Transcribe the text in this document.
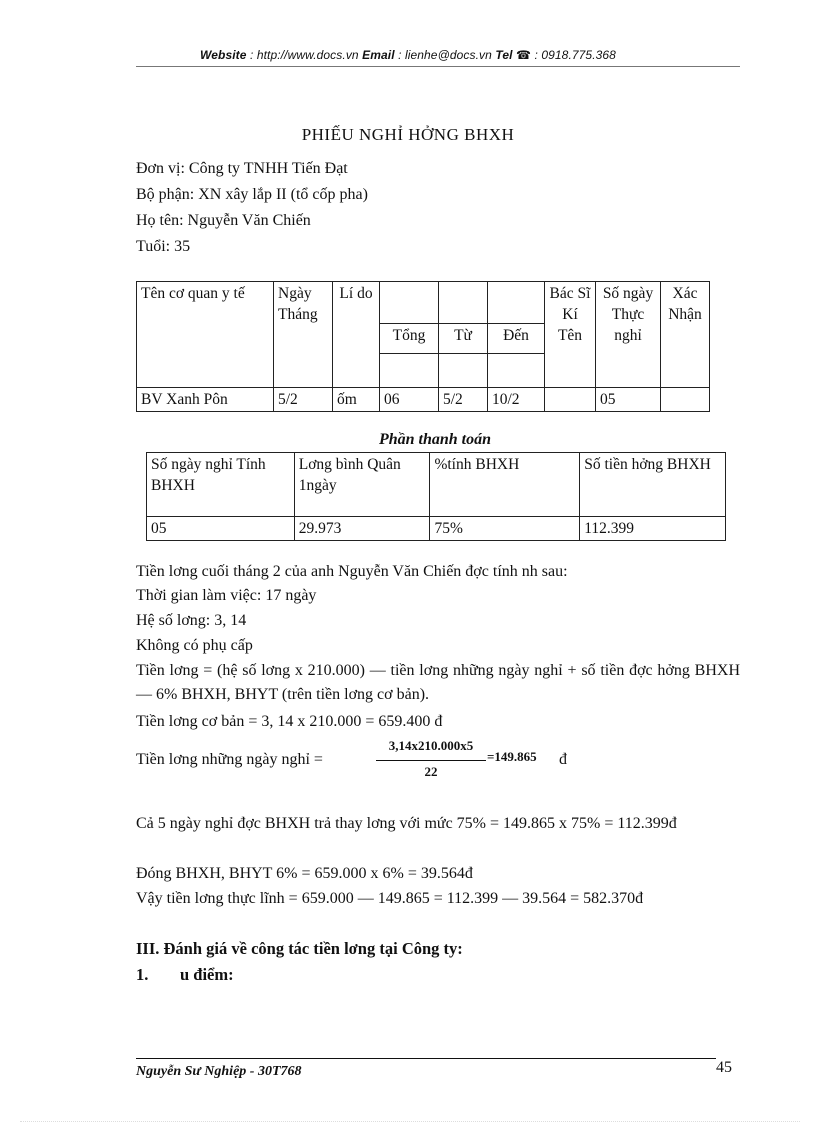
Website : http://www.docs.vn Email : lienhe@docs.vn Tel ☎ : 0918.775.368
PHIẾU NGHỈ HỞNG BHXH
Đơn vị: Công ty TNHH Tiến Đạt
Bộ phận: XN xây lắp II (tổ cốp pha)
Họ tên: Nguyễn Văn Chiến
Tuổi: 35
Tên cơ quan y tế	Ngày Tháng	Lí do				Bác Sĩ Kí Tên	Số ngày Thực nghỉ	Xác Nhận
			Tổng	Từ	Đến			

BV Xanh Pôn	5/2	ốm	06	5/2	10/2		05	
Phần thanh toán
Số ngày nghỉ Tính BHXH	Lơng bình Quân 1ngày	%tính BHXH	Số tiền hởng BHXH
05	29.973	75%	112.399
Tiền lơng cuối tháng 2 của anh Nguyễn Văn Chiến đợc tính nh sau:
Thời gian làm việc: 17 ngày
Hệ số lơng: 3, 14
Không có phụ cấp
Tiền lơng = (hệ số lơng x 210.000) — tiền lơng những ngày nghỉ + số tiền đợc hởng BHXH — 6% BHXH, BHYT (trên tiền lơng cơ bản).
Tiền lơng cơ bản = 3, 14 x 210.000 = 659.400 đ
Tiền lơng những ngày nghỉ =
3,14x210.000x5
22
=149.865 đ
Cả 5 ngày nghỉ đợc BHXH trả thay lơng với mức 75% = 149.865 x 75% = 112.399đ
Đóng BHXH, BHYT 6% = 659.000 x 6% = 39.564đ
Vậy tiền lơng thực lĩnh = 659.000 — 149.865 = 112.399 — 39.564 = 582.370đ
III. Đánh giá về công tác tiền lơng tại Công ty:
1. u điểm:
Nguyễn Sư Nghiệp - 30T768	45
